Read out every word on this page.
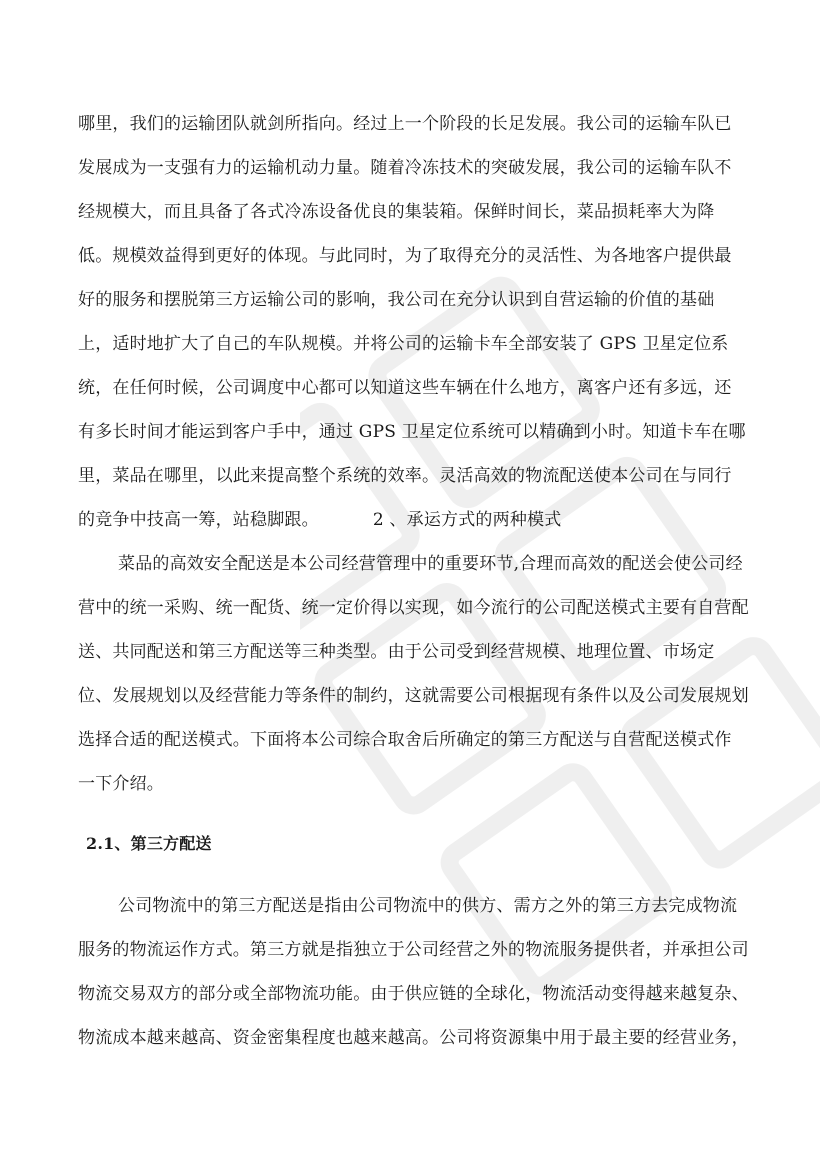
哪里，我们的运输团队就剑所指向。经过上一个阶段的长足发展。我公司的运输车队已
发展成为一支强有力的运输机动力量。随着冷冻技术的突破发展，我公司的运输车队不
经规模大，而且具备了各式冷冻设备优良的集装箱。保鲜时间长，菜品损耗率大为降
低。规模效益得到更好的体现。与此同时，为了取得充分的灵活性、为各地客户提供最
好的服务和摆脱第三方运输公司的影响，我公司在充分认识到自营运输的价值的基础
上，适时地扩大了自己的车队规模。并将公司的运输卡车全部安装了 GPS 卫星定位系
统，在任何时候，公司调度中心都可以知道这些车辆在什么地方，离客户还有多远，还
有多长时间才能运到客户手中，通过 GPS 卫星定位系统可以精确到小时。知道卡车在哪
里，菜品在哪里，以此来提高整个系统的效率。灵活高效的物流配送使本公司在与同行
的竞争中技高一筹，站稳脚跟。	2 、承运方式的两种模式
菜品的高效安全配送是本公司经营管理中的重要环节,合理而高效的配送会使公司经
营中的统一采购、统一配货、统一定价得以实现，如今流行的公司配送模式主要有自营配
送、共同配送和第三方配送等三种类型。由于公司受到经营规模、地理位置、市场定
位、发展规划以及经营能力等条件的制约，这就需要公司根据现有条件以及公司发展规划
选择合适的配送模式。下面将本公司综合取舍后所确定的第三方配送与自营配送模式作
一下介绍。
2.1、第三方配送
公司物流中的第三方配送是指由公司物流中的供方、需方之外的第三方去完成物流
服务的物流运作方式。第三方就是指独立于公司经营之外的物流服务提供者，并承担公司
物流交易双方的部分或全部物流功能。由于供应链的全球化，物流活动变得越来越复杂、
物流成本越来越高、资金密集程度也越来越高。公司将资源集中用于最主要的经营业务，
